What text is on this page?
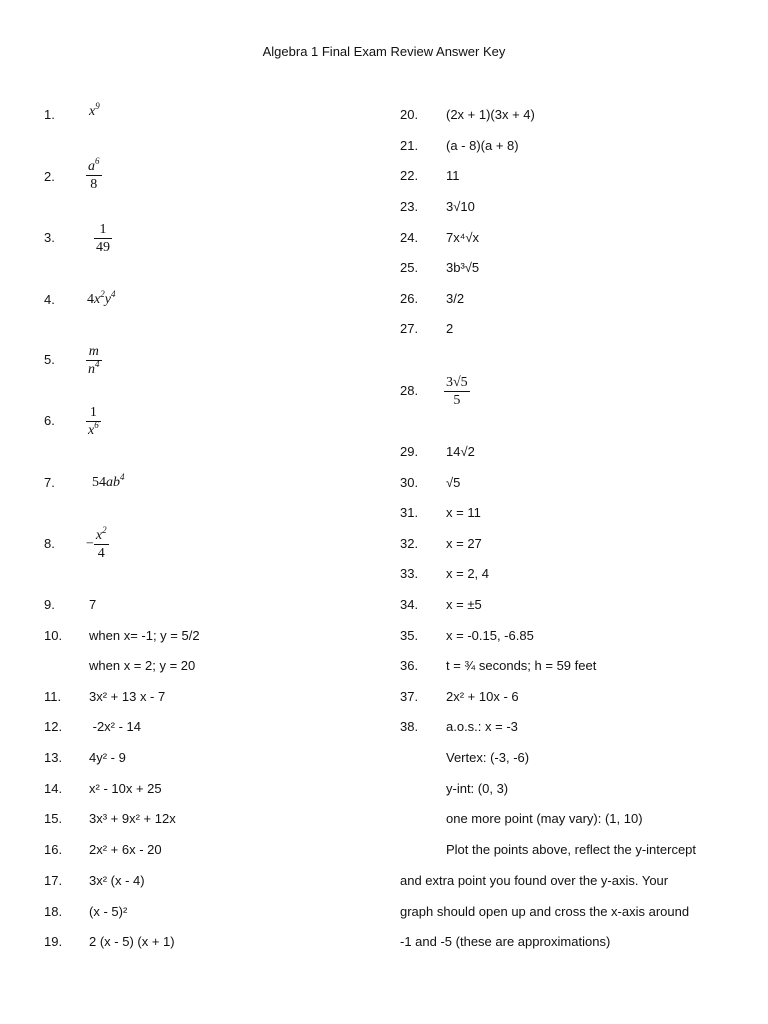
Algebra 1 Final Exam Review Answer Key
1.	$x^9$
2.	$\frac{a^6}{8}$
3.	$\frac{1}{49}$
4.	$4x^2y^4$
5.	$\frac{m}{n^4}$
6.	$\frac{1}{x^6}$
7.	$54ab^4$
8.	− $\frac{x^2}{4}$
9.	7
10.	when x= -1; y = 5/2
when x = 2; y = 20
11.	3x² + 13 x - 7
12.	-2x² - 14
13.	4y² - 9
14.	x² - 10x + 25
15.	3x³ + 9x² + 12x
16.	2x² + 6x - 20
17.	3x² (x - 4)
18.	(x - 5)²
19.	2 (x - 5) (x + 1)
20.	(2x + 1)(3x + 4)
21.	(a - 8)(a + 8)
22.	11
23.	3√10
24.	7x⁴√x
25.	3b³√5
26.	3/2
27.	2
28.	$\frac{3√5}{5}$
29.	14√2
30.	√5
31.	x = 11
32.	x = 27
33.	x = 2, 4
34.	x = ±5
35.	x = -0.15, -6.85
36.	t = ¾ seconds; h = 59 feet
37.	2x² + 10x - 6
38.	a.o.s.: x = -3
Vertex: (-3, -6)
y-int: (0, 3)
one more point (may vary): (1, 10)
Plot the points above, reflect the y-intercept
and extra point you found over the y-axis. Your
graph should open up and cross the x-axis around
-1 and -5 (these are approximations)
